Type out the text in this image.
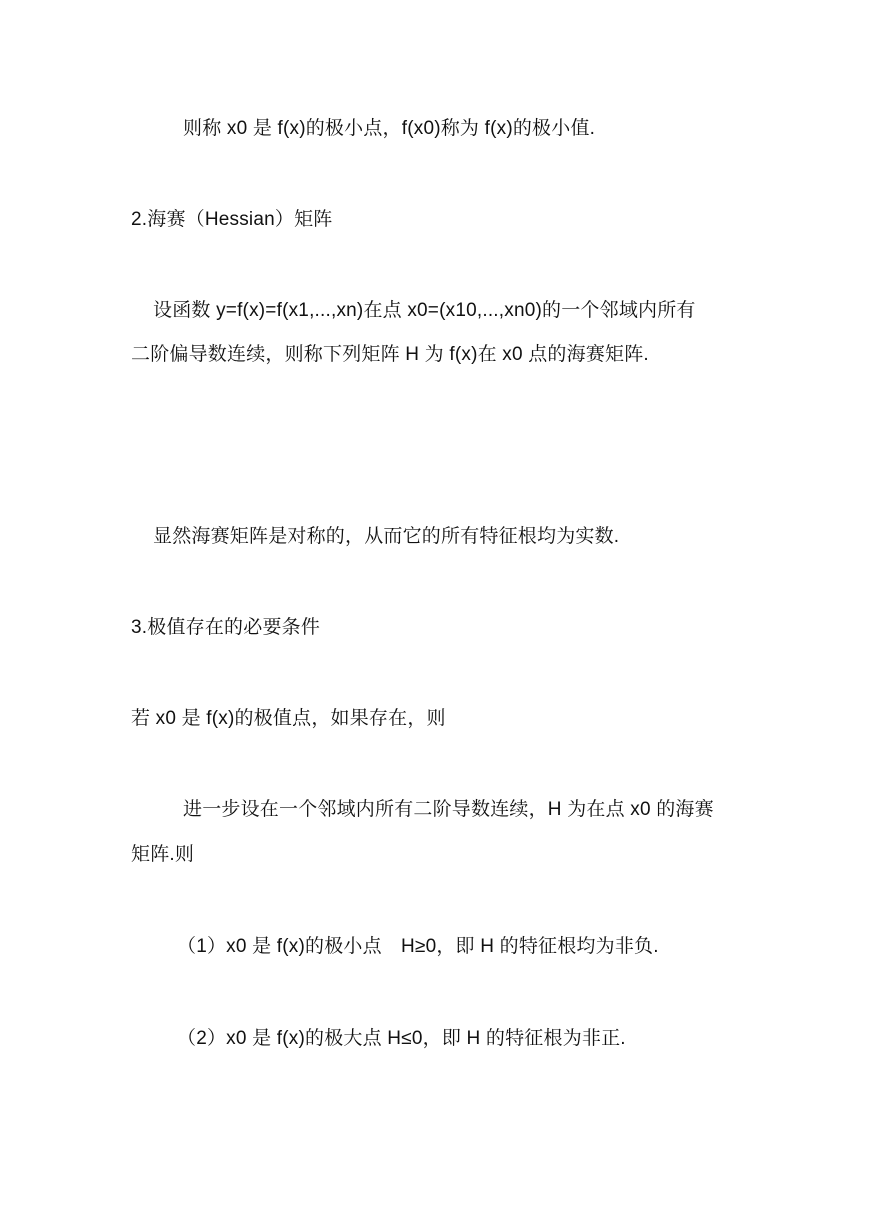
则称 x0 是 f(x)的极小点，f(x0)称为 f(x)的极小值.
2.海赛（Hessian）矩阵
设函数 y=f(x)=f(x1,...,xn)在点 x0=(x10,...,xn0)的一个邻域内所有
二阶偏导数连续，则称下列矩阵 H 为 f(x)在 x0 点的海赛矩阵.
显然海赛矩阵是对称的，从而它的所有特征根均为实数.
3.极值存在的必要条件
若 x0 是 f(x)的极值点，如果存在，则
进一步设在一个邻域内所有二阶导数连续，H 为在点 x0 的海赛
矩阵.则
（1）x0 是 f(x)的极小点　H≥0，即 H 的特征根均为非负.
（2）x0 是 f(x)的极大点 H≤0，即 H 的特征根为非正.
